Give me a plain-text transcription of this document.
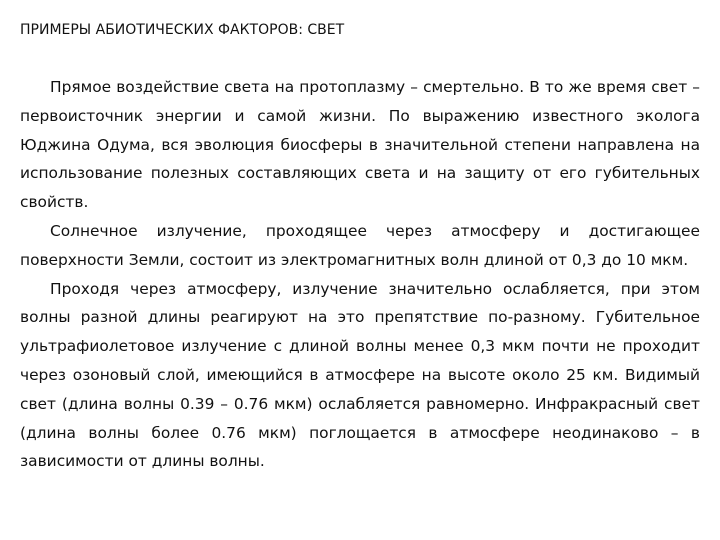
ПРИМЕРЫ АБИОТИЧЕСКИХ ФАКТОРОВ: СВЕТ

Прямое воздействие света на протоплазму – смертельно. В то же время свет – первоисточник энергии и самой жизни. По выражению известного эколога Юджина Одума, вся эволюция биосферы в значительной степени направлена на использование полезных составляющих света и на защиту от его губительных свойств.

Солнечное излучение, проходящее через атмосферу и достигающее поверхности Земли, состоит из электромагнитных волн длиной от 0,3 до 10 мкм.

Проходя через атмосферу, излучение значительно ослабляется, при этом волны разной длины реагируют на это препятствие по-разному. Губительное ультрафиолетовое излучение с длиной волны менее 0,3 мкм почти не проходит через озоновый слой, имеющийся в атмосфере на высоте около 25 км. Видимый свет (длина волны 0.39 – 0.76 мкм) ослабляется равномерно. Инфракрасный свет (длина волны более 0.76 мкм) поглощается в атмосфере неодинаково – в зависимости от длины волны.
